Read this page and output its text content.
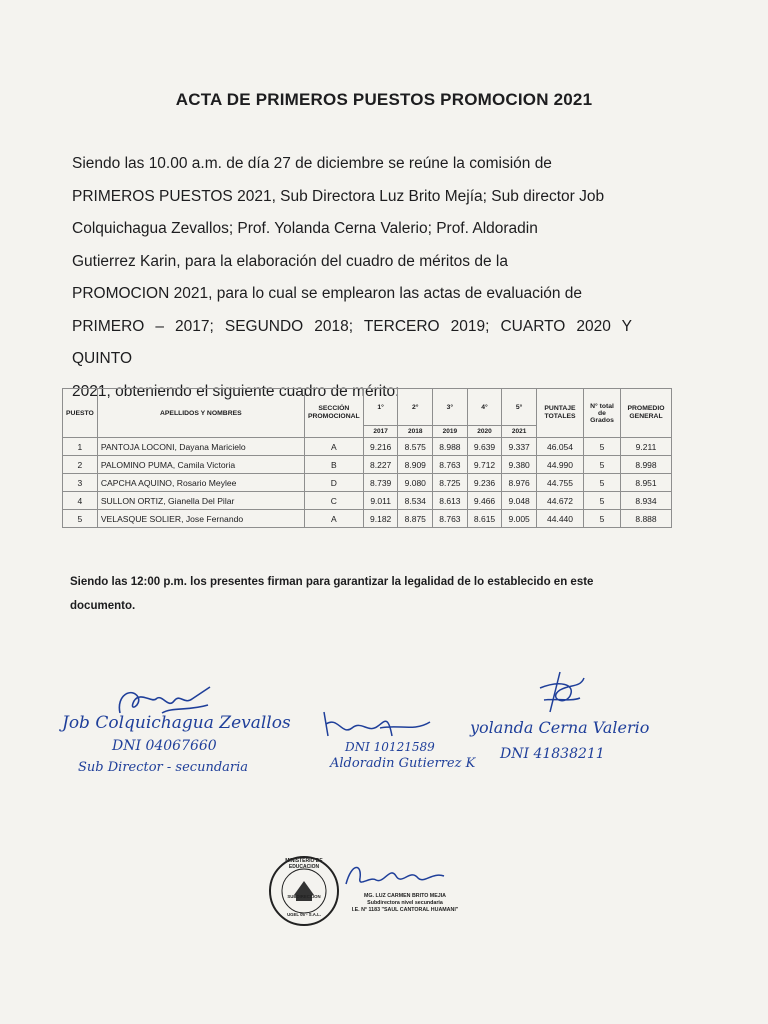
ACTA DE PRIMEROS PUESTOS PROMOCION 2021
Siendo las 10.00 a.m. de día 27 de diciembre se reúne la comisión de
PRIMEROS PUESTOS 2021, Sub Directora Luz Brito Mejía; Sub director Job
Colquichagua Zevallos; Prof. Yolanda Cerna Valerio; Prof. Aldoradin
Gutierrez Karin, para la elaboración del cuadro de méritos de la
PROMOCION 2021, para lo cual se emplearon las actas de evaluación de
PRIMERO – 2017; SEGUNDO 2018; TERCERO 2019; CUARTO 2020 Y QUINTO
2021, obteniendo el siguiente cuadro de mérito:
PUESTO	APELLIDOS Y NOMBRES	SECCIÓN PROMOCIONAL	1°	2°	3°	4°	5°	PUNTAJE TOTALES	N° total de Grados	PROMEDIO GENERAL
			2017	2018	2019	2020	2021			
1	PANTOJA LOCONI, Dayana Maricielo	A	9.216	8.575	8.988	9.639	9.337	46.054	5	9.211
2	PALOMINO PUMA, Camila Victoria	B	8.227	8.909	8.763	9.712	9.380	44.990	5	8.998
3	CAPCHA AQUINO, Rosario Meylee	D	8.739	9.080	8.725	9.236	8.976	44.755	5	8.951
4	SULLON ORTIZ, Gianella Del Pilar	C	9.011	8.534	8.613	9.466	9.048	44.672	5	8.934
5	VELASQUE SOLIER, Jose Fernando	A	9.182	8.875	8.763	8.615	9.005	44.440	5	8.888
Siendo las 12:00 p.m. los presentes firman para garantizar la legalidad de lo establecido en este
documento.
Job Colquichagua Zevallos
DNI 04067660
Sub Director - secundaria
DNI 10121589
Aldoradin Gutierrez K
yolanda Cerna Valerio
DNI 41838211
MINISTERIO DE EDUCACION
SUBDIRECCION
UGEL 05 - S.A.L.
MG. LUZ CARMEN BRITO MEJIA
Subdirectora nivel secundaria
I.E. N° 1183 "SAUL CANTORAL HUAMANI"
